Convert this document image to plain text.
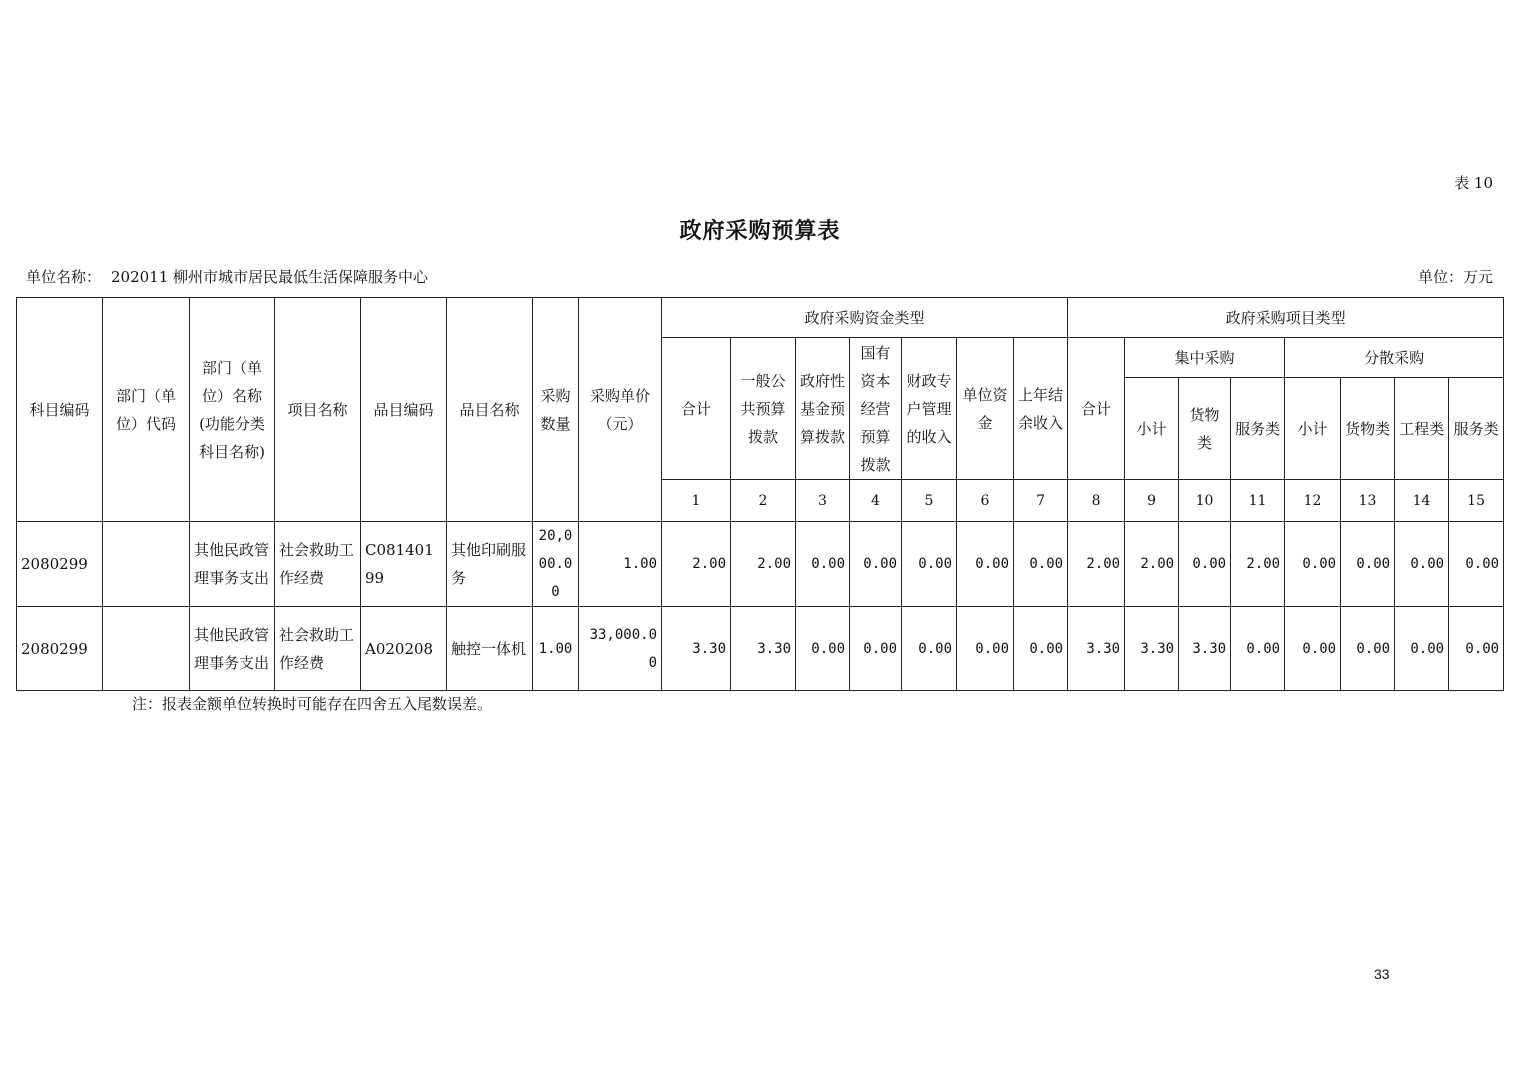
表 10
政府采购预算表
单位名称： 202011 柳州市城市居民最低生活保障服务中心	单位：万元
科目编码	部门（单位）代码	部门（单位）名称(功能分类科目名称)	项目名称	品目编码	品目名称	采购数量	采购单价（元）	政府采购资金类型							政府采购项目类型							
								合计	一般公共预算拨款	政府性基金预算拨款	国有资本经营预算拨款	财政专户管理的收入	单位资金	上年结余收入	合计	集中采购			分散采购			
																小计	货物类	服务类	小计	货物类	工程类	服务类
								1	2	3	4	5	6	7	8	9	10	11	12	13	14	15
2080299		其他民政管理事务支出	社会救助工作经费	C08140199	其他印刷服务	20,000.00	1.00	2.00	2.00	0.00	0.00	0.00	0.00	0.00	2.00	2.00	0.00	2.00	0.00	0.00	0.00	0.00
2080299		其他民政管理事务支出	社会救助工作经费	A020208	触控一体机	1.00	33,000.00	3.30	3.30	0.00	0.00	0.00	0.00	0.00	3.30	3.30	3.30	0.00	0.00	0.00	0.00	0.00
注：报表金额单位转换时可能存在四舍五入尾数误差。
33
